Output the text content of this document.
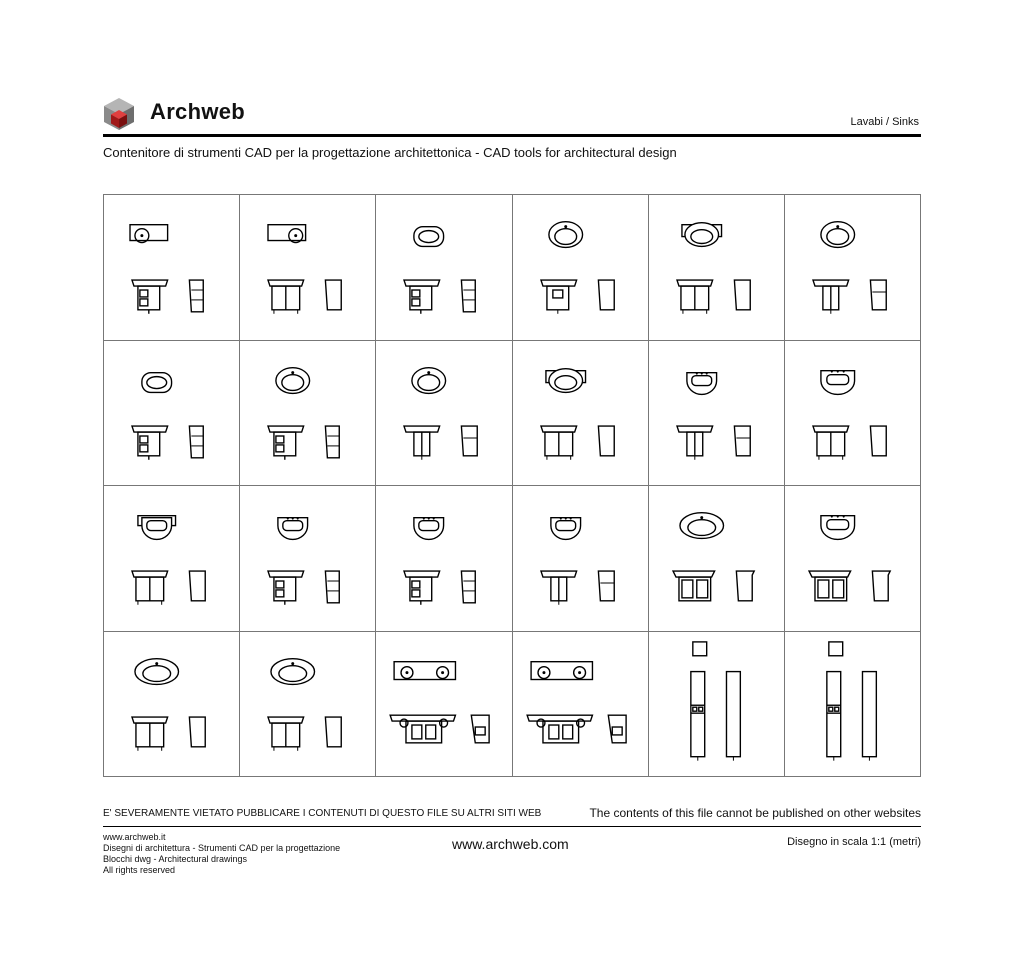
Archweb	Lavabi / Sinks
Contenitore di strumenti CAD per la progettazione architettonica - CAD tools for architectural design
E' SEVERAMENTE VIETATO PUBBLICARE I CONTENUTI DI QUESTO FILE SU ALTRI SITI WEB	The contents of this file cannot be published on other websites
www.archweb.it
Disegni di architettura - Strumenti CAD per la progettazione
Blocchi dwg - Architectural drawings
All rights reserved
www.archweb.com	Disegno in scala 1:1 (metri)
